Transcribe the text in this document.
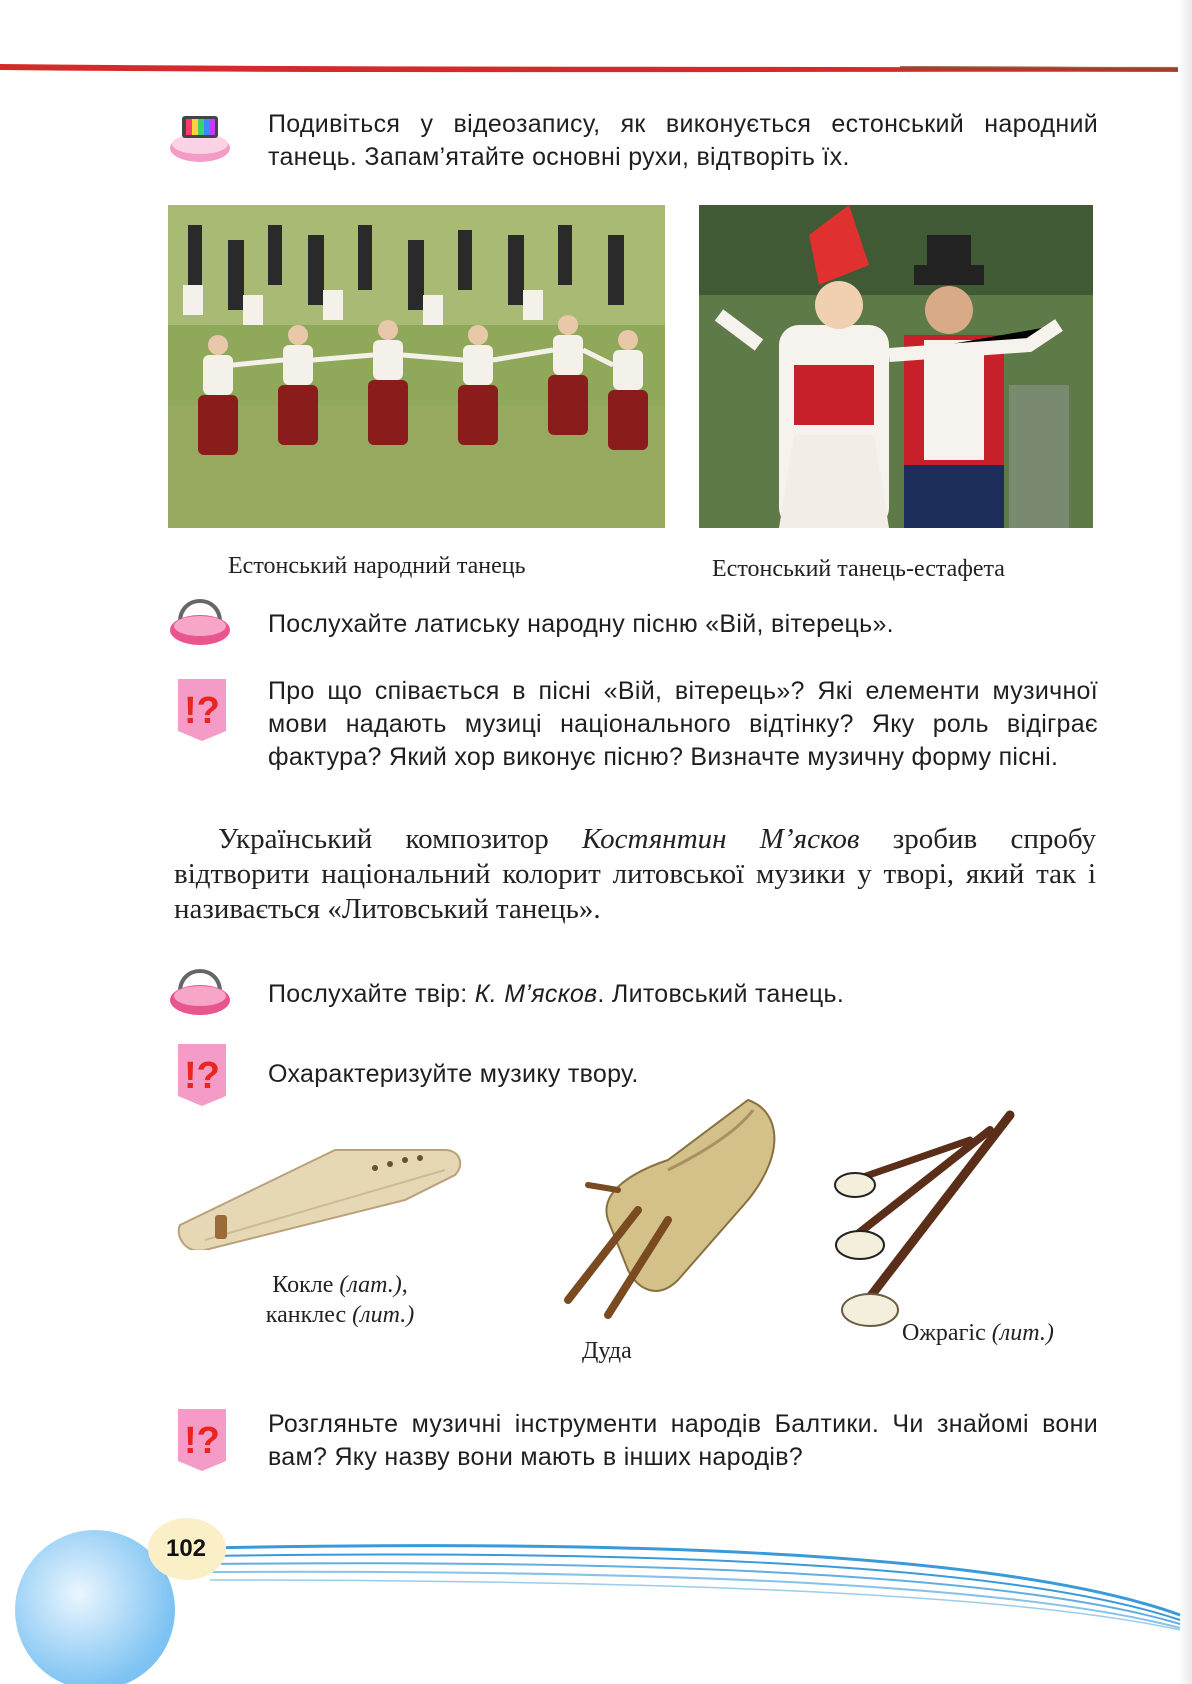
Подивіться у відеозапису, як виконується естонський народний танець. Запам’ятайте основні рухи, відтворіть їх.
Естонський народний танець	Естонський танець-естафета
Послухайте латиську народну пісню «Вій, вітерець».
!? Про що співається в пісні «Вій, вітерець»? Які елементи музичної мови надають музиці національного відтінку? Яку роль відіграє фактура? Який хор виконує пісню? Визначте музичну форму пісні.
Український композитор Костянтин М’ясков зробив спробу відтворити національний колорит литовської музики у творі, який так і називається «Литовський танець».
Послухайте твір: К. М’ясков. Литовський танець.
!? Охарактеризуйте музику твору.
Кокле (лат.),
канклес (лит.)
Дуда
Ожрагіс (лит.)
!? Розгляньте музичні інструменти народів Балтики. Чи знайомі вони вам? Яку назву вони мають в інших народів?
102
